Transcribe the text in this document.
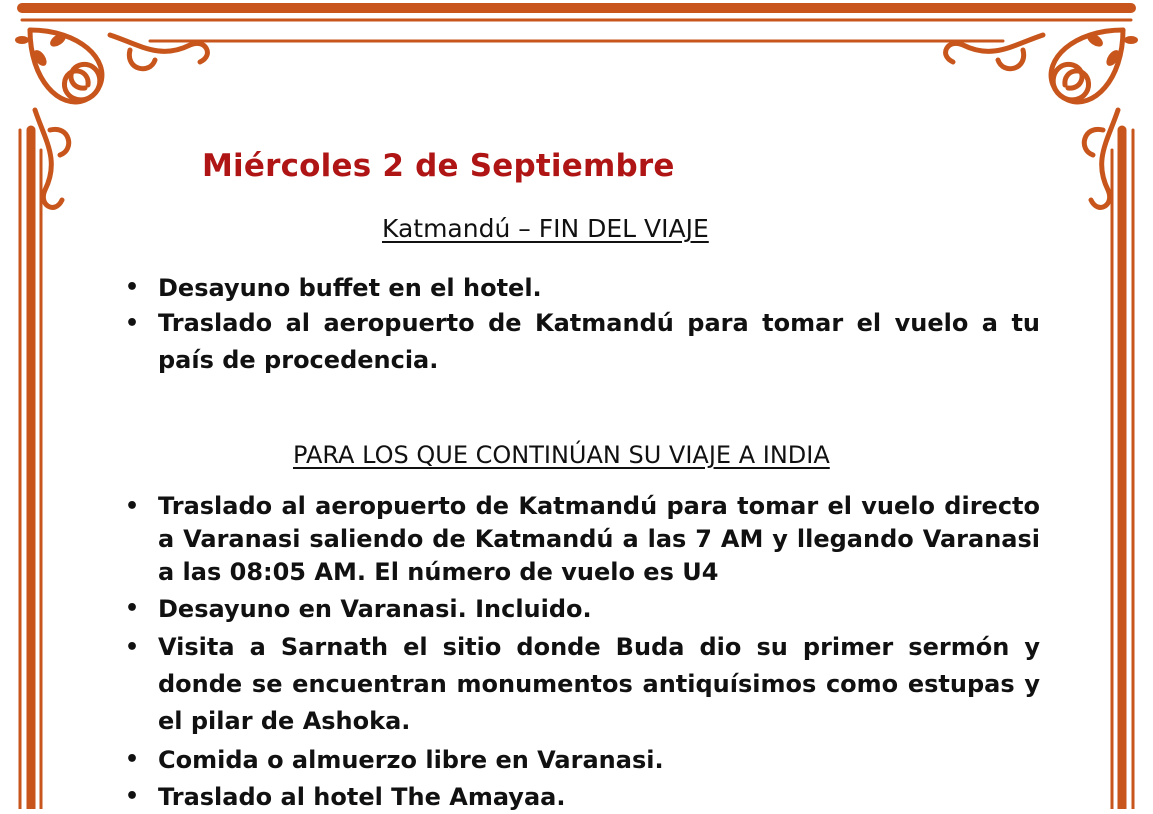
Miércoles 2 de Septiembre
Katmandú – FIN DEL VIAJE
• Desayuno buffet en el hotel.
• Traslado al aeropuerto de Katmandú para tomar el vuelo a tu país de procedencia.
PARA LOS QUE CONTINÚAN SU VIAJE A INDIA
• Traslado al aeropuerto de Katmandú para tomar el vuelo directo a Varanasi saliendo de Katmandú a las 7 AM y llegando Varanasi a las 08:05 AM. El número de vuelo es U4
• Desayuno en Varanasi. Incluido.
• Visita a Sarnath el sitio donde Buda dio su primer sermón y donde se encuentran monumentos antiquísimos como estupas y el pilar de Ashoka.
• Comida o almuerzo libre en Varanasi.
• Traslado al hotel The Amayaa.
